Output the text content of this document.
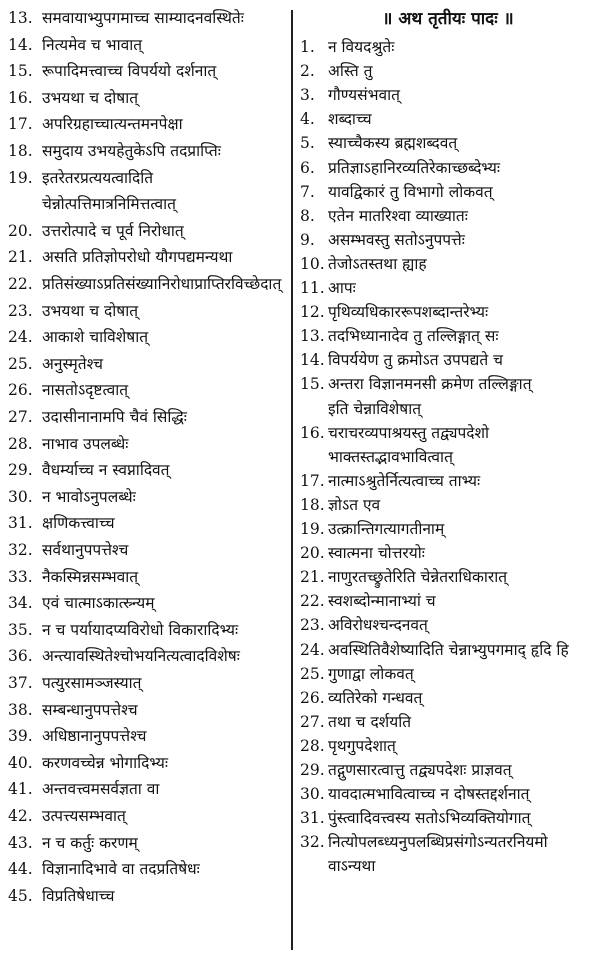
13. समवायाभ्युपगमाच्च साम्यादनवस्थितेः
14. नित्यमेव च भावात्
15. रूपादिमत्त्वाच्च विपर्ययो दर्शनात्
16. उभयथा च दोषात्
17. अपरिग्रहाच्चात्यन्तमनपेक्षा
18. समुदाय उभयहेतुकेऽपि तदप्राप्तिः
19. इतरेतरप्रत्ययत्वादिति
चेन्नोत्पत्तिमात्रनिमित्तत्वात्
20. उत्तरोत्पादे च पूर्व निरोधात्
21. असति प्रतिज्ञोपरोधो यौगपद्यमन्यथा
22. प्रतिसंख्याऽप्रतिसंख्यानिरोधाप्राप्तिरविच्छेदात्
23. उभयथा च दोषात्
24. आकाशे चाविशेषात्
25. अनुस्मृतेश्च
26. नासतोऽदृष्टत्वात्
27. उदासीनानामपि चैवं सिद्धिः
28. नाभाव उपलब्धेः
29. वैधर्म्याच्च न स्वप्नादिवत्
30. न भावोऽनुपलब्धेः
31. क्षणिकत्त्वाच्च
32. सर्वथानुपपत्तेश्च
33. नैकस्मिन्नसम्भवात्
34. एवं चात्माऽकात्स्र्न्यम्
35. न च पर्यायादप्यविरोधो विकारादिभ्यः
36. अन्त्यावस्थितेश्चोभयनित्यत्वादविशेषः
37. पत्युरसामञ्जस्यात्
38. सम्बन्धानुपपत्तेश्च
39. अधिष्ठानानुपपत्तेश्च
40. करणवच्चेन्न भोगादिभ्यः
41. अन्तवत्त्वमसर्वज्ञता वा
42. उत्पत्त्यसम्भवात्
43. न च कर्तुः करणम्
44. विज्ञानादिभावे वा तदप्रतिषेधः
45. विप्रतिषेधाच्च
॥ अथ तृतीयः पादः ॥
1. न वियदश्रुतेः
2. अस्ति तु
3. गौण्यसंभवात्
4. शब्दाच्च
5. स्याच्चैकस्य ब्रह्मशब्दवत्
6. प्रतिज्ञाऽहानिरव्यतिरेकाच्छब्देभ्यः
7. यावद्विकारं तु विभागो लोकवत्
8. एतेन मातरिश्वा व्याख्यातः
9. असम्भवस्तु सतोऽनुपपत्तेः
10. तेजोऽतस्तथा ह्याह
11. आपः
12. पृथिव्यधिकाररूपशब्दान्तरेभ्यः
13. तदभिध्यानादेव तु तल्लिङ्गात् सः
14. विपर्ययेण तु क्रमोऽत उपपद्यते च
15. अन्तरा विज्ञानमनसी क्रमेण तल्लिङ्गात्
इति चेन्नाविशेषात्
16. चराचरव्यपाश्रयस्तु तद्व्यपदेशो
भाक्तस्तद्भावभावित्वात्
17. नात्माऽश्रुतेर्नित्यत्वाच्च ताभ्यः
18. ज्ञोऽत एव
19. उत्क्रान्तिगत्यागतीनाम्
20. स्वात्मना चोत्तरयोः
21. नाणुरतच्छ्रुतेरिति चेन्नेतराधिकारात्
22. स्वशब्दोन्मानाभ्यां च
23. अविरोधश्चन्दनवत्
24. अवस्थितिवैशेष्यादिति चेन्नाभ्युपगमाद् हृदि हि
25. गुणाद्वा लोकवत्
26. व्यतिरेको गन्धवत्
27. तथा च दर्शयति
28. पृथगुपदेशात्
29. तद्गुणसारत्वात्तु तद्व्यपदेशः प्राज्ञवत्
30. यावदात्मभावित्वाच्च न दोषस्तद्दर्शनात्
31. पुंस्त्वादिवत्त्वस्य सतोऽभिव्यक्तियोगात्
32. नित्योपलब्ध्यनुपलब्धिप्रसंगोऽन्यतरनियमो
वाऽन्यथा
